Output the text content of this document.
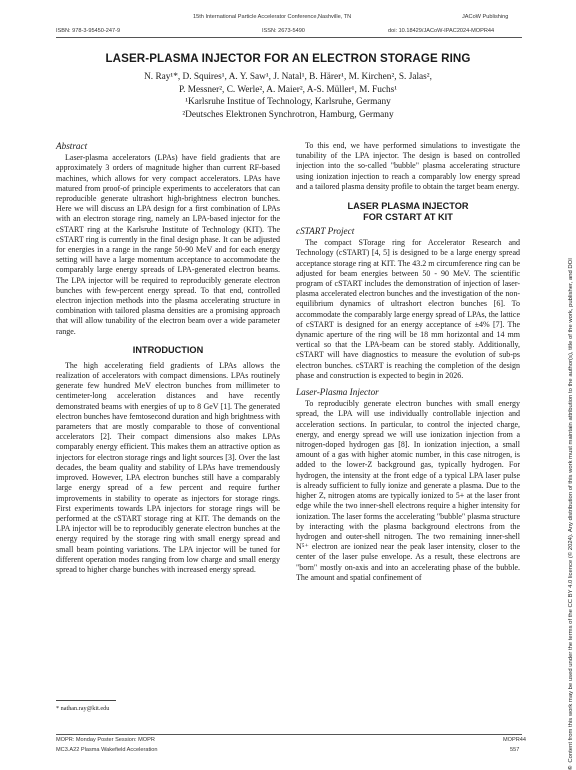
15th International Particle Accelerator Conference,Nashville, TN	JACoW Publishing
ISBN: 978-3-95450-247-9	ISSN: 2673-5490	doi: 10.18429/JACoW-IPAC2024-MOPR44
LASER-PLASMA INJECTOR FOR AN ELECTRON STORAGE RING
N. Ray¹*, D. Squires¹, A. Y. Saw¹, J. Natal¹, B. Härer¹, M. Kirchen², S. Jalas²,
P. Messner², C. Werle², A. Maier², A-S. Müller¹, M. Fuchs¹
¹Karlsruhe Institue of Technology, Karlsruhe, Germany
²Deutsches Elektronen Synchrotron, Hamburg, Germany
Abstract

Laser-plasma accelerators (LPAs) have field gradients that are approximately 3 orders of magnitude higher than current RF-based machines, which allows for very compact accelerators. LPAs have matured from proof-of principle experiments to accelerators that can reproducible generate ultrashort high-brightness electron bunches. Here we will discuss an LPA design for a first combination of LPAs with an electron storage ring, namely an LPA-based injector for the cSTART ring at the Karlsruhe Institute of Technology (KIT). The cSTART ring is currently in the final design phase. It can be adjusted for energies in a range in the range 50-90 MeV and for each energy setting will have a large momentum acceptance to accommodate the comparably large energy spreads of LPA-generated electron beams. The LPA injector will be required to reproducibly generate electron bunches with few-percent energy spread. To that end, controlled electron injection methods into the plasma accelerating structure in combination with tailored plasma densities are a promising approach that will allow tunability of the electron beam over a wide parameter range.

INTRODUCTION

The high accelerating field gradients of LPAs allows the realization of accelerators with compact dimensions. LPAs routinely generate few hundred MeV electron bunches from millimeter to centimeter-long acceleration distances and have recently demonstrated beams with energies of up to 8 GeV [1]. The generated electron bunches have femtosecond duration and high brightness with parameters that are mostly comparable to those of conventional accelerators [2]. Their compact dimensions also makes LPAs comparably energy efficient. This makes them an attractive option as injectors for electron storage rings and light sources [3]. Over the last decades, the beam quality and stability of LPAs have tremendously improved. However, LPA electron bunches still have a comparably large energy spread of a few percent and require further improvements in stability to operate as injectors for storage rings. First experiments towards LPA injectors for storage rings will be performed at the cSTART storage ring at KIT. The demands on the LPA injector will be to reproducibly generate electron bunches at the energy required by the storage ring with small energy spread and small beam pointing variations. The LPA injector will be tuned for different operation modes ranging from low charge and small energy spread to higher charge bunches with increased energy spread.

To this end, we have performed simulations to investigate the tunability of the LPA injector. The design is based on controlled injection into the so-called "bubble" plasma accelerating structure using ionization injection to reach a comparably low energy spread and a tailored plasma density profile to obtain the target beam energy.

LASER PLASMA INJECTOR
FOR CSTART AT KIT
cSTART Project

The compact STorage ring for Accelerator Research and Technology (cSTART) [4, 5] is designed to be a large energy spread acceptance storage ring at KIT. The 43.2 m circumference ring can be adjusted for beam energies between 50 - 90 MeV. The scientific program of cSTART includes the demonstration of injection of laser-plasma accelerated electron bunches and the investigation of the non-equilibrium dynamics of ultrashort electron bunches [6]. To accommodate the comparably large energy spread of LPAs, the lattice of cSTART is designed for an energy acceptance of ±4% [7]. The dynamic aperture of the ring will be 18 mm horizontal and 14 mm vertical so that the LPA-beam can be stored stably. Additionally, cSTART will have diagnostics to measure the evolution of sub-ps electron bunches. cSTART is reaching the completion of the design phase and construction is expected to begin in 2026.

Laser-Plasma Injector

To reproducibly generate electron bunches with small energy spread, the LPA will use individually controllable injection and acceleration sections. In particular, to control the injected charge, energy, and energy spread we will use ionization injection from a nitrogen-doped hydrogen gas [8]. In ionization injection, a small amount of a gas with higher atomic number, in this case nitrogen, is added to the lower-Z background gas, typically hydrogen. For hydrogen, the intensity at the front edge of a typical LPA laser pulse is already sufficient to fully ionize and generate a plasma. Due to the higher Z, nitrogen atoms are typically ionized to 5+ at the laser front edge while the two inner-shell electrons require a higher intensity for ionization. The laser forms the accelerating "bubble" plasma structure by interacting with the plasma background electrons from the hydrogen and outer-shell nitrogen. The two remaining inner-shell N⁵⁺ electron are ionized near the peak laser intensity, closer to the center of the laser pulse envelope. As a result, these electrons are "born" mostly on-axis and into an accelerating phase of the bubble. The amount and spatial confinement of

* nathan.ray@kit.edu
©Content from this work may be used under the terms of the CC BY 4.0 licence (© 2024). Any distribution of this work must maintain attribution to the author(s), title of the work, publisher, and DOI
MOPR: Monday Poster Session: MOPR	MOPR44
MC3.A22 Plasma Wakefield Acceleration	557
